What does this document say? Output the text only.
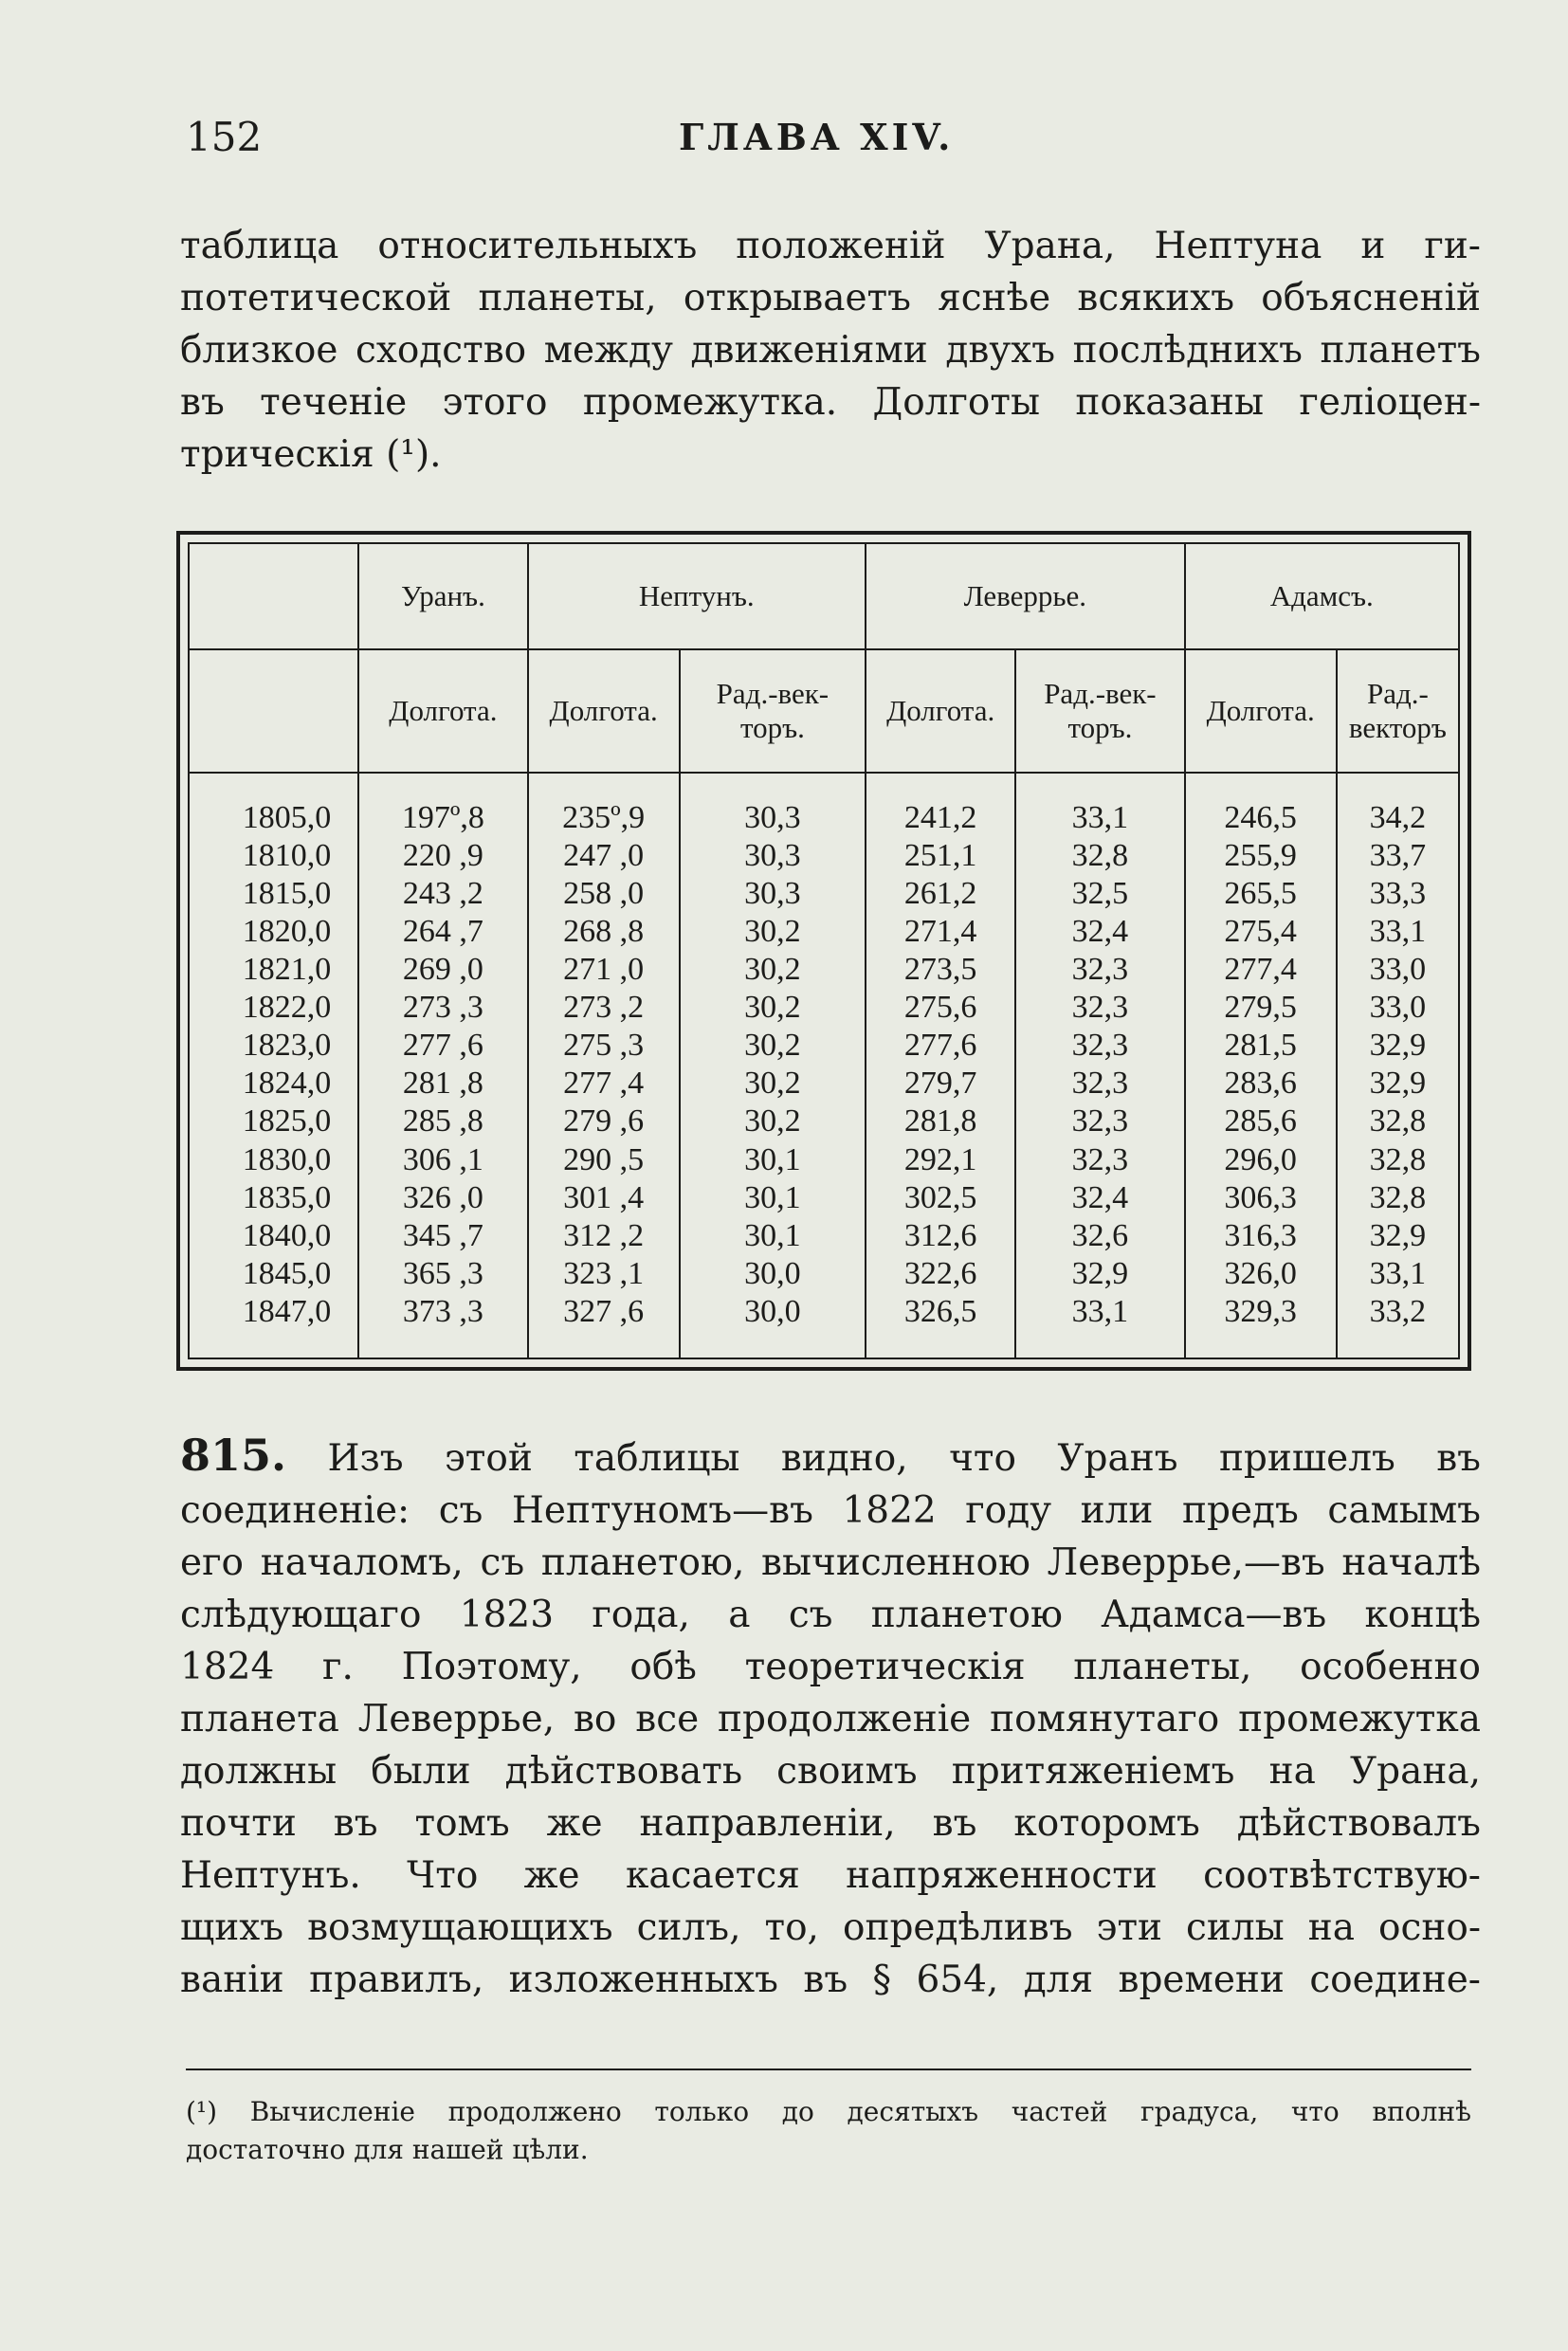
152	ГЛАВА XIV.
таблица относительныхъ положенiй Урана, Нептуна и ги-
потетической планеты, открываетъ яснѣе всякихъ объясненiй
близкое сходство между движенiями двухъ послѣднихъ планетъ
въ теченiе этого промежутка. Долготы показаны гелiоцен-
трическiя (¹).
	Уранъ.	Нептунъ.		Леверрье.		Адамсъ.	
	Долгота.	Долгота.	Рад.-век-торъ.	Долгота.	Рад.-век-торъ.	Долгота.	Рад.-векторъ
1805,0	197º,8	235º,9	30,3	241,2	33,1	246,5	34,2
1810,0	220 ,9	247 ,0	30,3	251,1	32,8	255,9	33,7
1815,0	243 ,2	258 ,0	30,3	261,2	32,5	265,5	33,3
1820,0	264 ,7	268 ,8	30,2	271,4	32,4	275,4	33,1
1821,0	269 ,0	271 ,0	30,2	273,5	32,3	277,4	33,0
1822,0	273 ,3	273 ,2	30,2	275,6	32,3	279,5	33,0
1823,0	277 ,6	275 ,3	30,2	277,6	32,3	281,5	32,9
1824,0	281 ,8	277 ,4	30,2	279,7	32,3	283,6	32,9
1825,0	285 ,8	279 ,6	30,2	281,8	32,3	285,6	32,8
1830,0	306 ,1	290 ,5	30,1	292,1	32,3	296,0	32,8
1835,0	326 ,0	301 ,4	30,1	302,5	32,4	306,3	32,8
1840,0	345 ,7	312 ,2	30,1	312,6	32,6	316,3	32,9
1845,0	365 ,3	323 ,1	30,0	322,6	32,9	326,0	33,1
1847,0	373 ,3	327 ,6	30,0	326,5	33,1	329,3	33,2
815. Изъ этой таблицы видно, что Уранъ пришелъ въ
соединенiе: съ Нептуномъ—въ 1822 году или предъ самымъ
его началомъ, съ планетою, вычисленною Леверрье,—въ началѣ
слѣдующаго 1823 года, а съ планетою Адамса—въ концѣ
1824 г. Поэтому, обѣ теоретическiя планеты, особенно
планета Леверрье, во все продолженiе помянутаго промежутка
должны были дѣйствовать своимъ притяженiемъ на Урана,
почти въ томъ же направленiи, въ которомъ дѣйствовалъ
Нептунъ. Что же касается напряженности соотвѣтствую-
щихъ возмущающихъ силъ, то, опредѣливъ эти силы на осно-
ванiи правилъ, изложенныхъ въ § 654, для времени соедине-
(¹) Вычисленiе продолжено только до десятыхъ частей градуса, что вполнѣ
достаточно для нашей цѣли.
